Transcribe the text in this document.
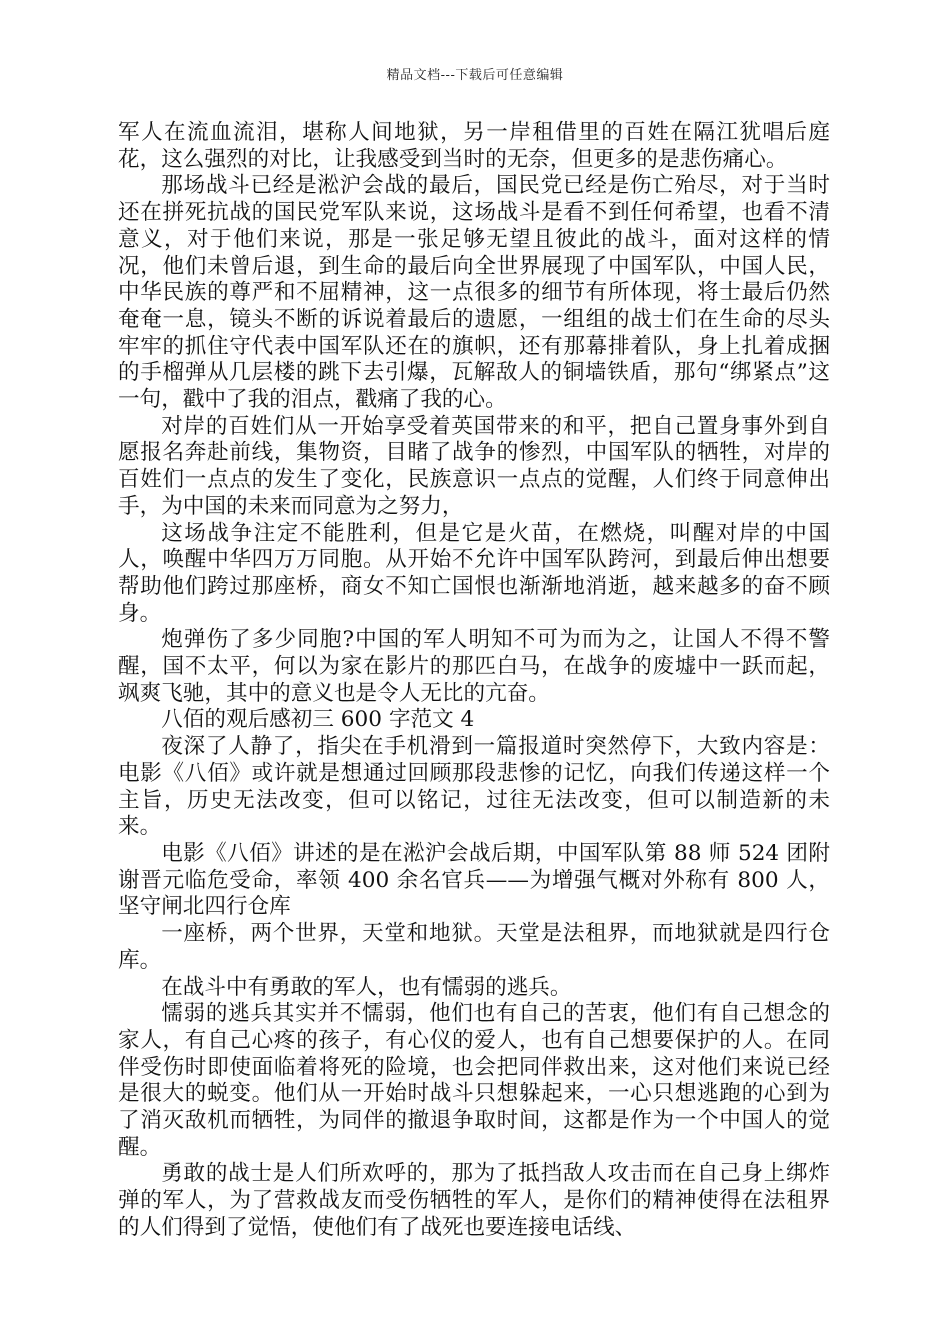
精品文档---下载后可任意编辑

军人在流血流泪，堪称人间地狱，另一岸租借里的百姓在隔江犹唱后庭花，这么强烈的对比，让我感受到当时的无奈，但更多的是悲伤痛心。

那场战斗已经是淞沪会战的最后，国民党已经是伤亡殆尽，对于当时还在拼死抗战的国民党军队来说，这场战斗是看不到任何希望，也看不清意义，对于他们来说，那是一张足够无望且彼此的战斗，面对这样的情况，他们未曾后退，到生命的最后向全世界展现了中国军队，中国人民，中华民族的尊严和不屈精神，这一点很多的细节有所体现，将士最后仍然奄奄一息，镜头不断的诉说着最后的遗愿，一组组的战士们在生命的尽头牢牢的抓住守代表中国军队还在的旗帜，还有那幕排着队，身上扎着成捆的手榴弹从几层楼的跳下去引爆，瓦解敌人的铜墙铁盾，那句“绑紧点”这一句，戳中了我的泪点，戳痛了我的心。

对岸的百姓们从一开始享受着英国带来的和平，把自己置身事外到自愿报名奔赴前线，集物资，目睹了战争的惨烈，中国军队的牺牲，对岸的百姓们一点点的发生了变化，民族意识一点点的觉醒，人们终于同意伸出手，为中国的未来而同意为之努力，

这场战争注定不能胜利，但是它是火苗，在燃烧，叫醒对岸的中国人，唤醒中华四万万同胞。从开始不允许中国军队跨河，到最后伸出想要帮助他们跨过那座桥，商女不知亡国恨也渐渐地消逝，越来越多的奋不顾身。

炮弹伤了多少同胞?中国的军人明知不可为而为之，让国人不得不警醒，国不太平，何以为家在影片的那匹白马，在战争的废墟中一跃而起，飒爽飞驰，其中的意义也是令人无比的亢奋。

八佰的观后感初三 600 字范文 4

夜深了人静了，指尖在手机滑到一篇报道时突然停下，大致内容是：电影《八佰》或许就是想通过回顾那段悲惨的记忆，向我们传递这样一个主旨，历史无法改变，但可以铭记，过往无法改变，但可以制造新的未来。

电影《八佰》讲述的是在淞沪会战后期，中国军队第 88 师 524 团附谢晋元临危受命，率领 400 余名官兵——为增强气概对外称有 800 人，坚守闸北四行仓库

一座桥，两个世界，天堂和地狱。天堂是法租界，而地狱就是四行仓库。

在战斗中有勇敢的军人，也有懦弱的逃兵。

懦弱的逃兵其实并不懦弱，他们也有自己的苦衷，他们有自己想念的家人，有自己心疼的孩子，有心仪的爱人，也有自己想要保护的人。在同伴受伤时即使面临着将死的险境，也会把同伴救出来，这对他们来说已经是很大的蜕变。他们从一开始时战斗只想躲起来，一心只想逃跑的心到为了消灭敌机而牺牲，为同伴的撤退争取时间，这都是作为一个中国人的觉醒。

勇敢的战士是人们所欢呼的，那为了抵挡敌人攻击而在自己身上绑炸弹的军人，为了营救战友而受伤牺牲的军人，是你们的精神使得在法租界的人们得到了觉悟，使他们有了战死也要连接电话线、
